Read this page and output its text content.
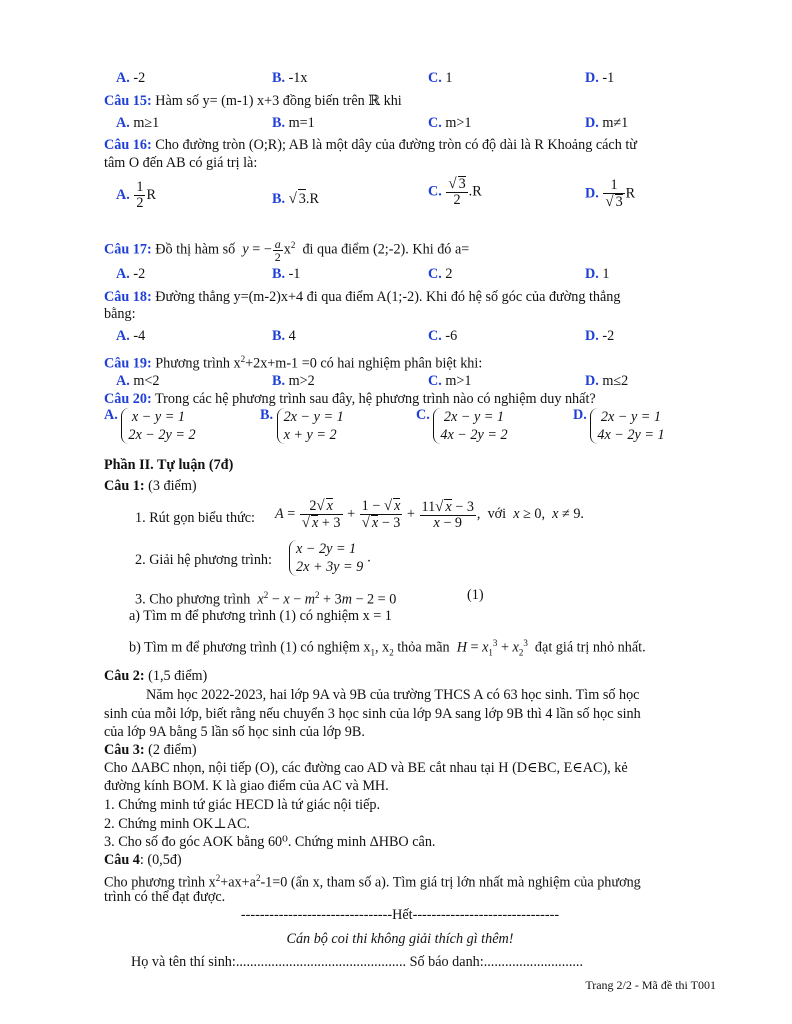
A. -2	B. -1x	C. 1	D. -1
Câu 15: Hàm số y= (m-1) x+3 đồng biến trên ℝ khi
A. m≥1	B. m=1	C. m>1	D. m≠1
Câu 16: Cho đường tròn (O;R); AB là một dây của đường tròn có độ dài là R Khoảng cách từ
tâm O đến AB có giá trị là:
A. $\frac{1}{2}$ R	B. √ 3.R	C. $\frac{√ 3}{2} .R$	D. $\frac{1}{√ 3}$ R
Câu 17: Đồ thị hàm số y = − $\frac{a}{2} x^2$ đi qua điểm (2;-2). Khi đó a=
A. -2	B. -1	C. 2	D. 1
Câu 18: Đường thẳng y=(m-2)x+4 đi qua điểm A(1;-2). Khi đó hệ số góc của đường thẳng
bằng:
A. -4	B. 4	C. -6	D. -2
Câu 19: Phương trình $x^2+2x+m-1 =0$ có hai nghiệm phân biệt khi:
A. m<2	B. m>2	C. m>1	D. m≤2
Câu 20: Trong các hệ phương trình sau đây, hệ phương trình nào có nghiệm duy nhất?
A. x − y = 1
2x − 2y = 2
B. 2x − y = 1
x + y = 2
C. 2x − y = 1
4x − 2y = 2
D. 2x − y = 1
4x − 2y = 1
Phần II. Tự luận (7đ)
Câu 1: (3 điểm)
1. Rút gọn biểu thức: $A = \frac{2√ x}{√ x + 3} + \frac{1 - √ x}{√ x - 3} + \frac{11√ x - 3}{x - 9}$ ,  với x ≥ 0,  x ≠ 9.
2. Giải hệ phương trình:
x − 2y = 1
2x + 3y = 9
.
3. Cho phương trình $x^2 - x - m^2 + 3m - 2 = 0$	(1)
a) Tìm m để phương trình (1) có nghiệm x = 1
b) Tìm m để phương trình (1) có nghiệm $x_1$, $x_2$ thỏa mãn  $H = x_1^3 + x_2^3$ đạt giá trị nhỏ nhất.
Câu 2: (1,5 điểm)
Năm học 2022-2023, hai lớp 9A và 9B của trường THCS A có 63 học sinh. Tìm số học
sinh của mỗi lớp, biết rằng nếu chuyển 3 học sinh của lớp 9A sang lớp 9B thì 4 lần số học sinh
của lớp 9A bằng 5 lần số học sinh của lớp 9B.
Câu 3: (2 điểm)
Cho ΔABC nhọn, nội tiếp (O), các đường cao AD và BE cắt nhau tại H (D∈BC, E∈AC), kẻ
đường kính BOM. K là giao điểm của AC và MH.
1. Chứng minh tứ giác HECD là tứ giác nội tiếp.
2. Chứng minh OK⊥AC.
3. Cho số đo góc AOK bằng 60⁰. Chứng minh ΔHBO cân.
Câu 4: (0,5đ)
Cho phương trình $x^2+ax+a^2-1=0$ (ẩn x, tham số a). Tìm giá trị lớn nhất mà nghiệm của phương
trình có thể đạt được.
--------------------------------Hết-------------------------------
Cán bộ coi thi không giải thích gì thêm!
Họ và tên thí sinh:................................................ Số báo danh:............................
Trang 2/2 - Mã đề thi T001
